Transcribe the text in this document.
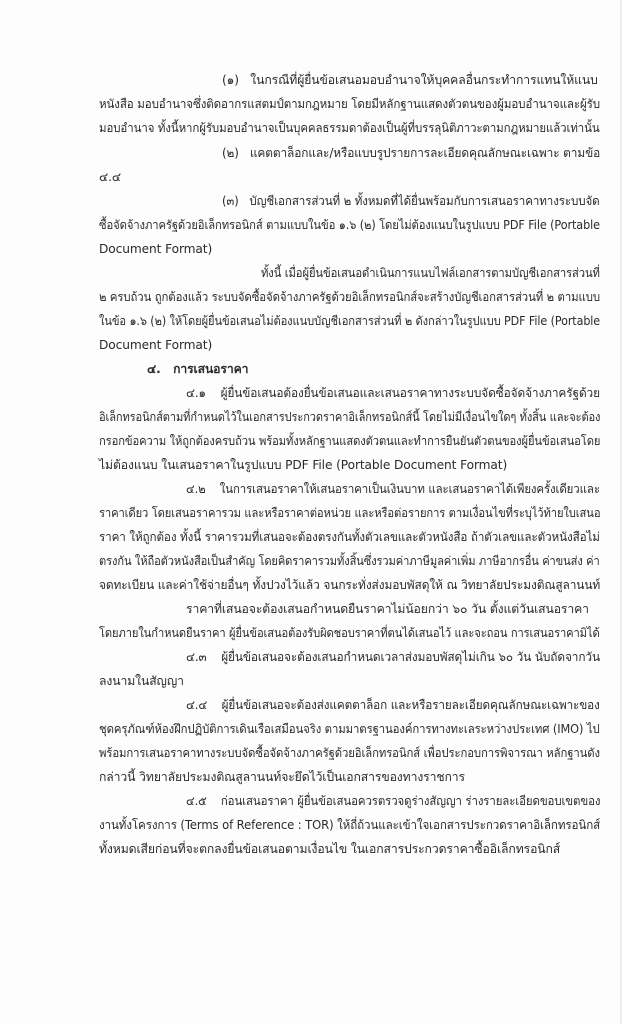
(๑)   ในกรณีที่ผู้ยื่นข้อเสนอมอบอำนาจให้บุคคลอื่นกระทำการแทนให้แนบ
หนังสือ มอบอำนาจซึ่งติดอากรแสตมป์ตามกฎหมาย โดยมีหลักฐานแสดงตัวตนของผู้มอบอำนาจและผู้รับ
มอบอำนาจ ทั้งนี้หากผู้รับมอบอำนาจเป็นบุคคลธรรมดาต้องเป็นผู้ที่บรรลุนิติภาวะตามกฎหมายแล้วเท่านั้น
(๒)   แคตตาล็อกและ/หรือแบบรูปรายการละเอียดคุณลักษณะเฉพาะ ตามข้อ
๔.๔
(๓)   บัญชีเอกสารส่วนที่ ๒ ทั้งหมดที่ได้ยื่นพร้อมกับการเสนอราคาทางระบบจัด
ซื้อจัดจ้างภาครัฐด้วยอิเล็กทรอนิกส์ ตามแบบในข้อ ๑.๖ (๒) โดยไม่ต้องแนบในรูปแบบ PDF File (Portable
Document Format)
ทั้งนี้ เมื่อผู้ยื่นข้อเสนอดำเนินการแนบไฟล์เอกสารตามบัญชีเอกสารส่วนที่
๒ ครบถ้วน ถูกต้องแล้ว ระบบจัดซื้อจัดจ้างภาครัฐด้วยอิเล็กทรอนิกส์จะสร้างบัญชีเอกสารส่วนที่ ๒ ตามแบบ
ในข้อ ๑.๖ (๒) ให้โดยผู้ยื่นข้อเสนอไม่ต้องแนบบัญชีเอกสารส่วนที่ ๒ ดังกล่าวในรูปแบบ PDF File (Portable
Document Format)
๔.   การเสนอราคา
๔.๑    ผู้ยื่นข้อเสนอต้องยื่นข้อเสนอและเสนอราคาทางระบบจัดซื้อจัดจ้างภาครัฐด้วย
อิเล็กทรอนิกส์ตามที่กำหนดไว้ในเอกสารประกวดราคาอิเล็กทรอนิกส์นี้ โดยไม่มีเงื่อนไขใดๆ ทั้งสิ้น และจะต้อง
กรอกข้อความ ให้ถูกต้องครบถ้วน พร้อมทั้งหลักฐานแสดงตัวตนและทำการยืนยันตัวตนของผู้ยื่นข้อเสนอโดย
ไม่ต้องแนบ ในเสนอราคาในรูปแบบ PDF File (Portable Document Format)
๔.๒    ในการเสนอราคาให้เสนอราคาเป็นเงินบาท และเสนอราคาได้เพียงครั้งเดียวและ
ราคาเดียว โดยเสนอราคารวม และหรือราคาต่อหน่วย และหรือต่อรายการ ตามเงื่อนไขที่ระบุไว้ท้ายใบเสนอ
ราคา ให้ถูกต้อง ทั้งนี้ ราคารวมที่เสนอจะต้องตรงกันทั้งตัวเลขและตัวหนังสือ ถ้าตัวเลขและตัวหนังสือไม่
ตรงกัน ให้ถือตัวหนังสือเป็นสำคัญ โดยคิดราคารวมทั้งสิ้นซึ่งรวมค่าภาษีมูลค่าเพิ่ม ภาษีอากรอื่น ค่าขนส่ง ค่า
จดทะเบียน และค่าใช้จ่ายอื่นๆ ทั้งปวงไว้แล้ว จนกระทั่งส่งมอบพัสดุให้ ณ วิทยาลัยประมงติณสูลานนท์
ราคาที่เสนอจะต้องเสนอกำหนดยืนราคาไม่น้อยกว่า ๖๐ วัน ตั้งแต่วันเสนอราคา
โดยภายในกำหนดยืนราคา ผู้ยื่นข้อเสนอต้องรับผิดชอบราคาที่ตนได้เสนอไว้ และจะถอน การเสนอราคามิได้
๔.๓    ผู้ยื่นข้อเสนอจะต้องเสนอกำหนดเวลาส่งมอบพัสดุไม่เกิน ๖๐ วัน นับถัดจากวัน
ลงนามในสัญญา
๔.๔    ผู้ยื่นข้อเสนอจะต้องส่งแคตตาล็อก และหรือรายละเอียดคุณลักษณะเฉพาะของ
ชุดครุภัณฑ์ห้องฝึกปฏิบัติการเดินเรือเสมือนจริง ตามมาตรฐานองค์การทางทะเลระหว่างประเทศ (IMO) ไป
พร้อมการเสนอราคาทางระบบจัดซื้อจัดจ้างภาครัฐด้วยอิเล็กทรอนิกส์ เพื่อประกอบการพิจารณา หลักฐานดัง
กล่าวนี้ วิทยาลัยประมงติณสูลานนท์จะยึดไว้เป็นเอกสารของทางราชการ
๔.๕    ก่อนเสนอราคา ผู้ยื่นข้อเสนอควรตรวจดูร่างสัญญา ร่างรายละเอียดขอบเขตของ
งานทั้งโครงการ (Terms of Reference : TOR) ให้ถี่ถ้วนและเข้าใจเอกสารประกวดราคาอิเล็กทรอนิกส์
ทั้งหมดเสียก่อนที่จะตกลงยื่นข้อเสนอตามเงื่อนไข ในเอกสารประกวดราคาซื้ออิเล็กทรอนิกส์
